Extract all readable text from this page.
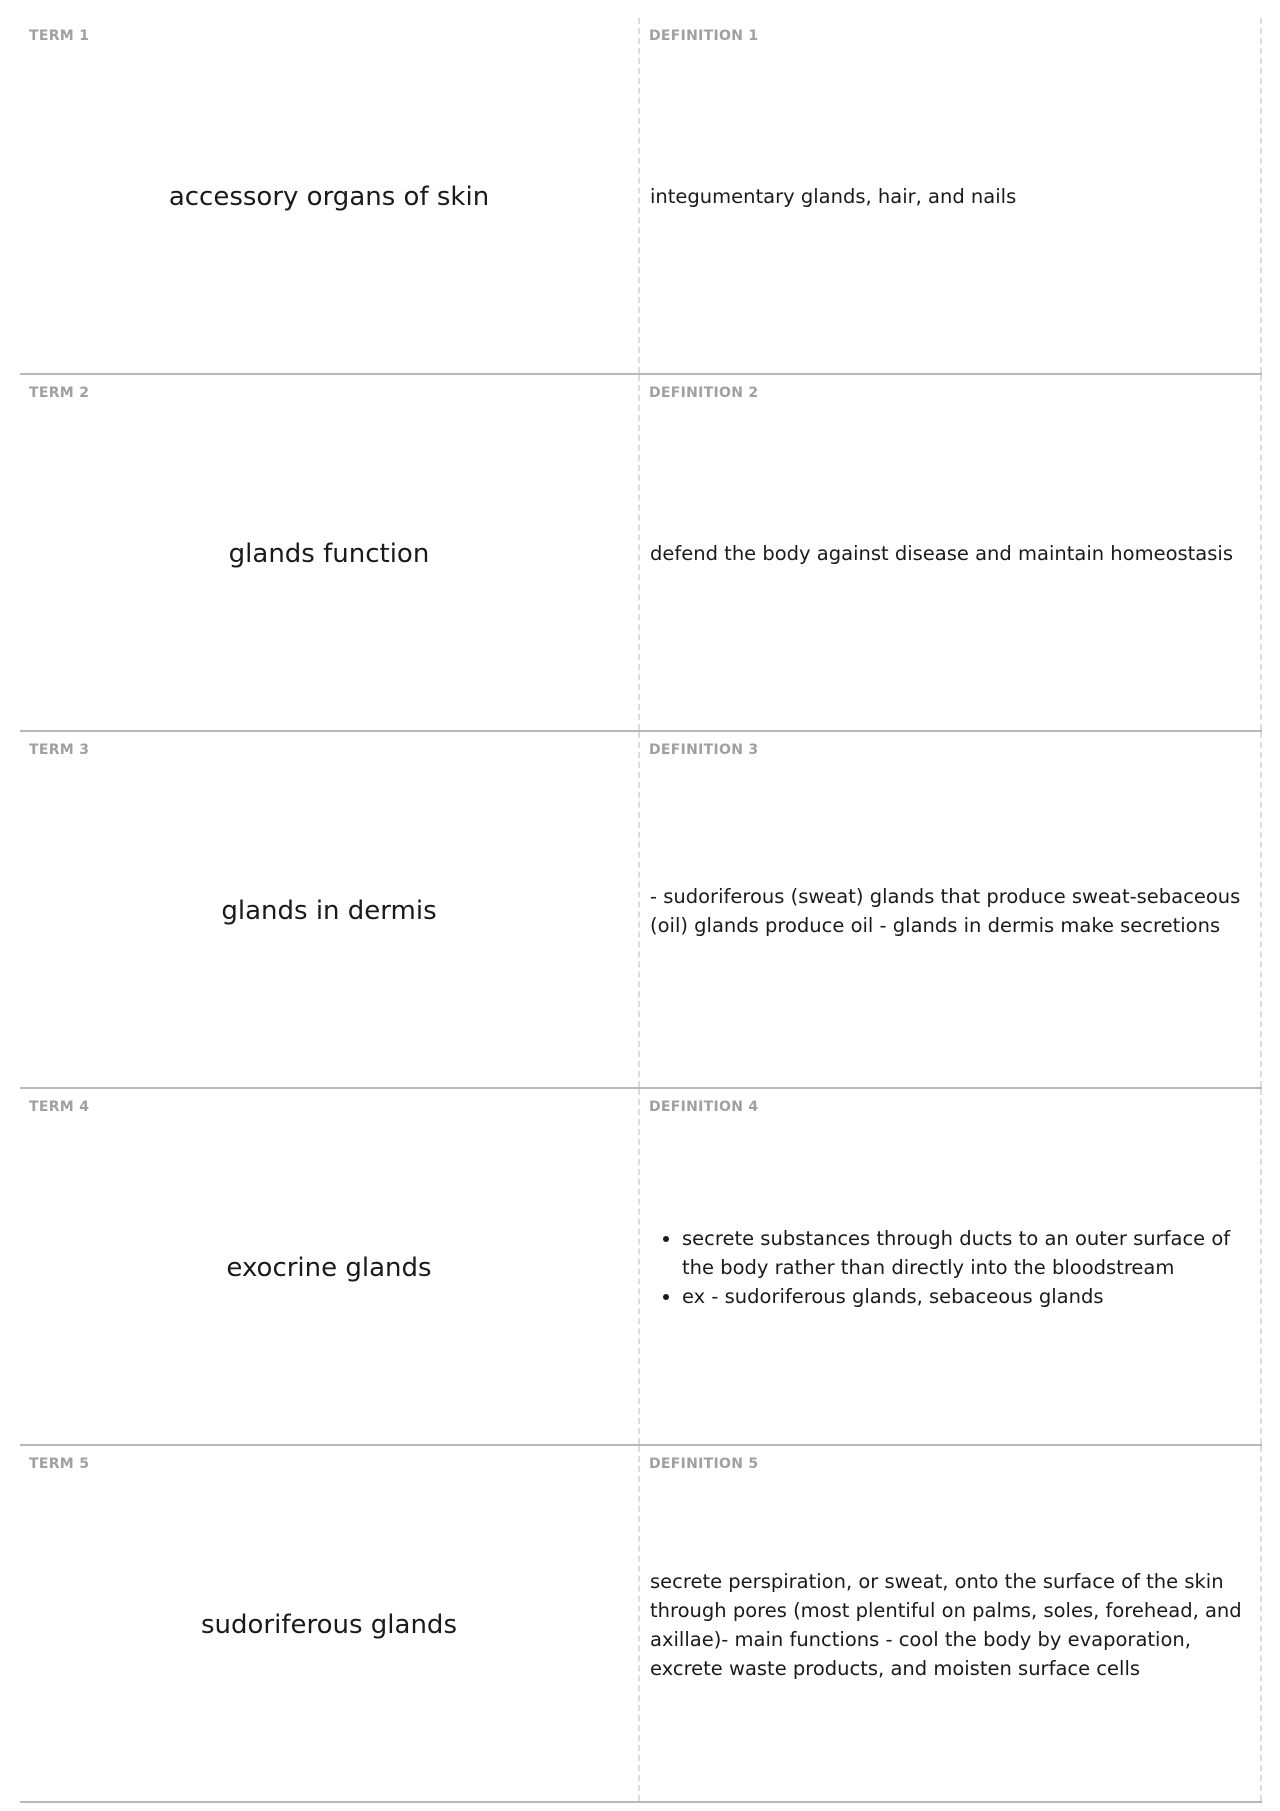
TERM 1
accessory organs of skin
DEFINITION 1
integumentary glands, hair, and nails
TERM 2
glands function
DEFINITION 2
defend the body against disease and maintain homeostasis
TERM 3
glands in dermis
DEFINITION 3
- sudoriferous (sweat) glands that produce sweat-sebaceous (oil) glands produce oil - glands in dermis make secretions
TERM 4
exocrine glands
DEFINITION 4
• secrete substances through ducts to an outer surface of the body rather than directly into the bloodstream
• ex - sudoriferous glands, sebaceous glands
TERM 5
sudoriferous glands
DEFINITION 5
secrete perspiration, or sweat, onto the surface of the skin through pores (most plentiful on palms, soles, forehead, and axillae)- main functions - cool the body by evaporation, excrete waste products, and moisten surface cells
